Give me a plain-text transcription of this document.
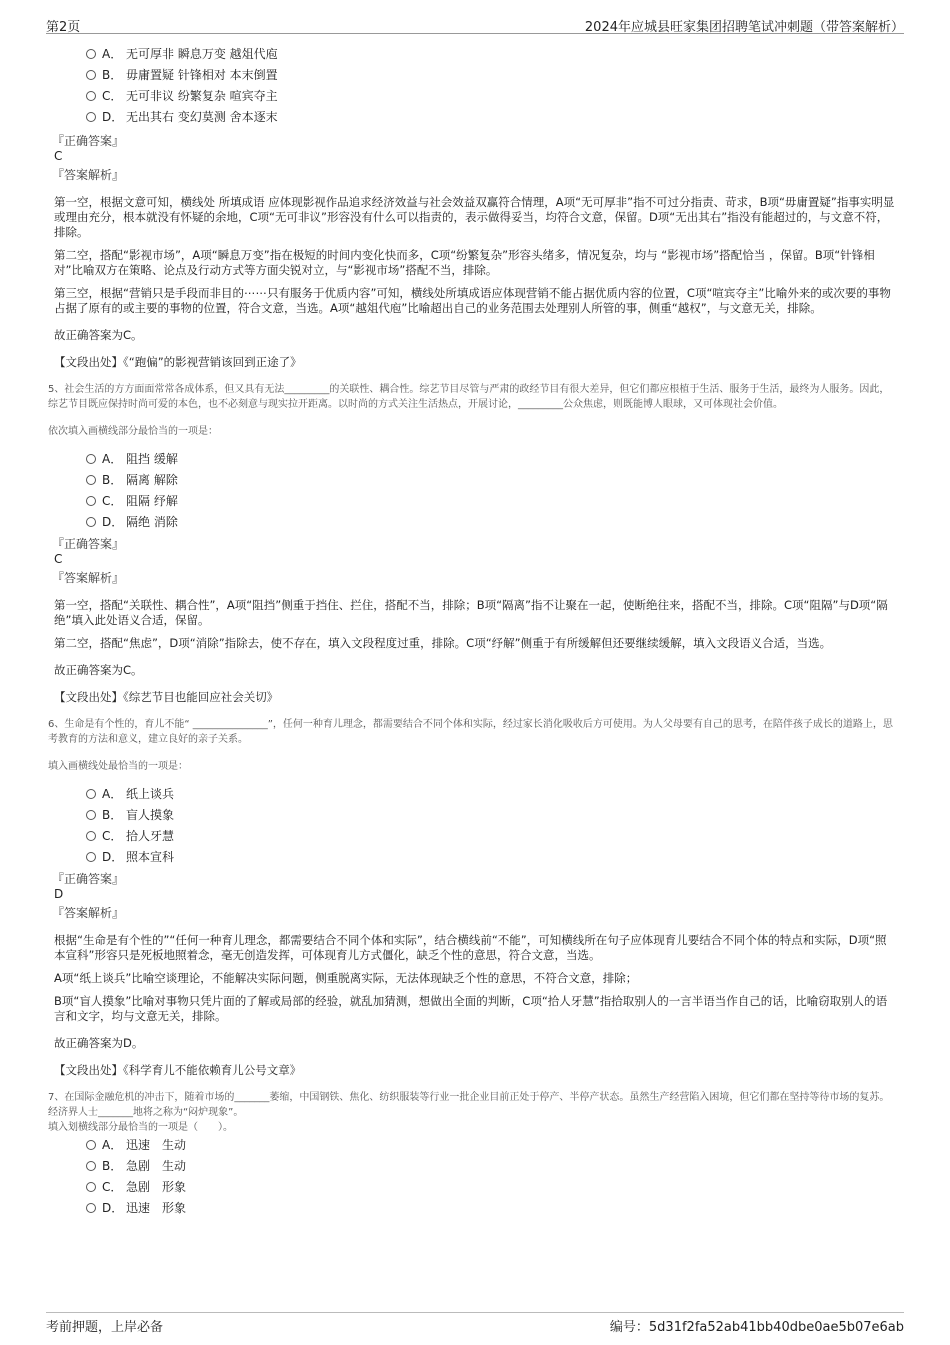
第2页	2024年应城县旺家集团招聘笔试冲刺题（带答案解析）
A． 无可厚非 瞬息万变 越俎代庖
B． 毋庸置疑 针锋相对 本末倒置
C． 无可非议 纷繁复杂 喧宾夺主
D． 无出其右 变幻莫测 舍本逐末
『正确答案』
C
『答案解析』
第一空，根据文意可知，横线处 所填成语 应体现影视作品追求经济效益与社会效益双赢符合情理，A项“无可厚非”指不可过分指责、苛求，B项“毋庸置疑”指事实明显或理由充分，根本就没有怀疑的余地，C项“无可非议”形容没有什么可以指责的，表示做得妥当，均符合文意，保留。D项“无出其右”指没有能超过的，与文意不符，排除。
第二空，搭配“影视市场”，A项“瞬息万变”指在极短的时间内变化快而多，C项“纷繁复杂”形容头绪多，情况复杂，均与 “影视市场”搭配恰当 ，保留。B项“针锋相对”比喻双方在策略、论点及行动方式等方面尖锐对立，与“影视市场”搭配不当，排除。
第三空，根据“营销只是手段而非目的⋯⋯只有服务于优质内容”可知，横线处所填成语应体现营销不能占据优质内容的位置，C项“喧宾夺主”比喻外来的或次要的事物占据了原有的或主要的事物的位置，符合文意，当选。A项“越俎代庖”比喻超出自己的业务范围去处理别人所管的事，侧重“越权”，与文意无关，排除。
故正确答案为C。
【文段出处】《“跑偏”的影视营销该回到正途了》
5、社会生活的方方面面常常各成体系，但又具有无法_________的关联性、耦合性。综艺节目尽管与严肃的政经节目有很大差异，但它们都应根植于生活、服务于生活，最终为人服务。因此，综艺节目既应保持时尚可爱的本色，也不必刻意与现实拉开距离。以时尚的方式关注生活热点，开展讨论，_________公众焦虑，则既能博人眼球，又可体现社会价值。
依次填入画横线部分最恰当的一项是：
A． 阻挡 缓解
B． 隔离 解除
C． 阻隔 纾解
D． 隔绝 消除
『正确答案』
C
『答案解析』
第一空，搭配“关联性、耦合性”，A项“阻挡”侧重于挡住、拦住，搭配不当，排除；B项“隔离”指不让聚在一起，使断绝往来，搭配不当，排除。C项“阻隔”与D项“隔绝”填入此处语义合适，保留。
第二空，搭配“焦虑”，D项“消除”指除去，使不存在，填入文段程度过重，排除。C项“纾解”侧重于有所缓解但还要继续缓解，填入文段语义合适，当选。
故正确答案为C。
【文段出处】《综艺节目也能回应社会关切》
6、生命是有个性的，育儿不能“ _______________”，任何一种育儿理念，都需要结合不同个体和实际，经过家长消化吸收后方可使用。为人父母要有自己的思考，在陪伴孩子成长的道路上，思考教育的方法和意义，建立良好的亲子关系。
填入画横线处最恰当的一项是：
A． 纸上谈兵
B． 盲人摸象
C． 拾人牙慧
D． 照本宣科
『正确答案』
D
『答案解析』
根据“生命是有个性的”“任何一种育儿理念，都需要结合不同个体和实际”，结合横线前“不能”，可知横线所在句子应体现育儿要结合不同个体的特点和实际，D项“照本宣科”形容只是死板地照着念，毫无创造发挥，可体现育儿方式僵化，缺乏个性的意思，符合文意，当选。
A项“纸上谈兵”比喻空谈理论，不能解决实际问题，侧重脱离实际，无法体现缺乏个性的意思，不符合文意，排除；
B项“盲人摸象”比喻对事物只凭片面的了解或局部的经验，就乱加猜测，想做出全面的判断，C项“拾人牙慧”指拾取别人的一言半语当作自己的话，比喻窃取别人的语言和文字，均与文意无关，排除。
故正确答案为D。
【文段出处】《科学育儿不能依赖育儿公号文章》
7、在国际金融危机的冲击下，随着市场的_______萎缩，中国钢铁、焦化、纺织服装等行业一批企业目前正处于停产、半停产状态。虽然生产经营陷入困境，但它们都在坚持等待市场的复苏。经济界人士_______地将之称为“闷炉现象”。
填入划横线部分最恰当的一项是（　　）。
A． 迅速　生动
B． 急剧　生动
C． 急剧　形象
D． 迅速　形象
考前押题，上岸必备	编号：5d31f2fa52ab41bb40dbe0ae5b07e6ab
